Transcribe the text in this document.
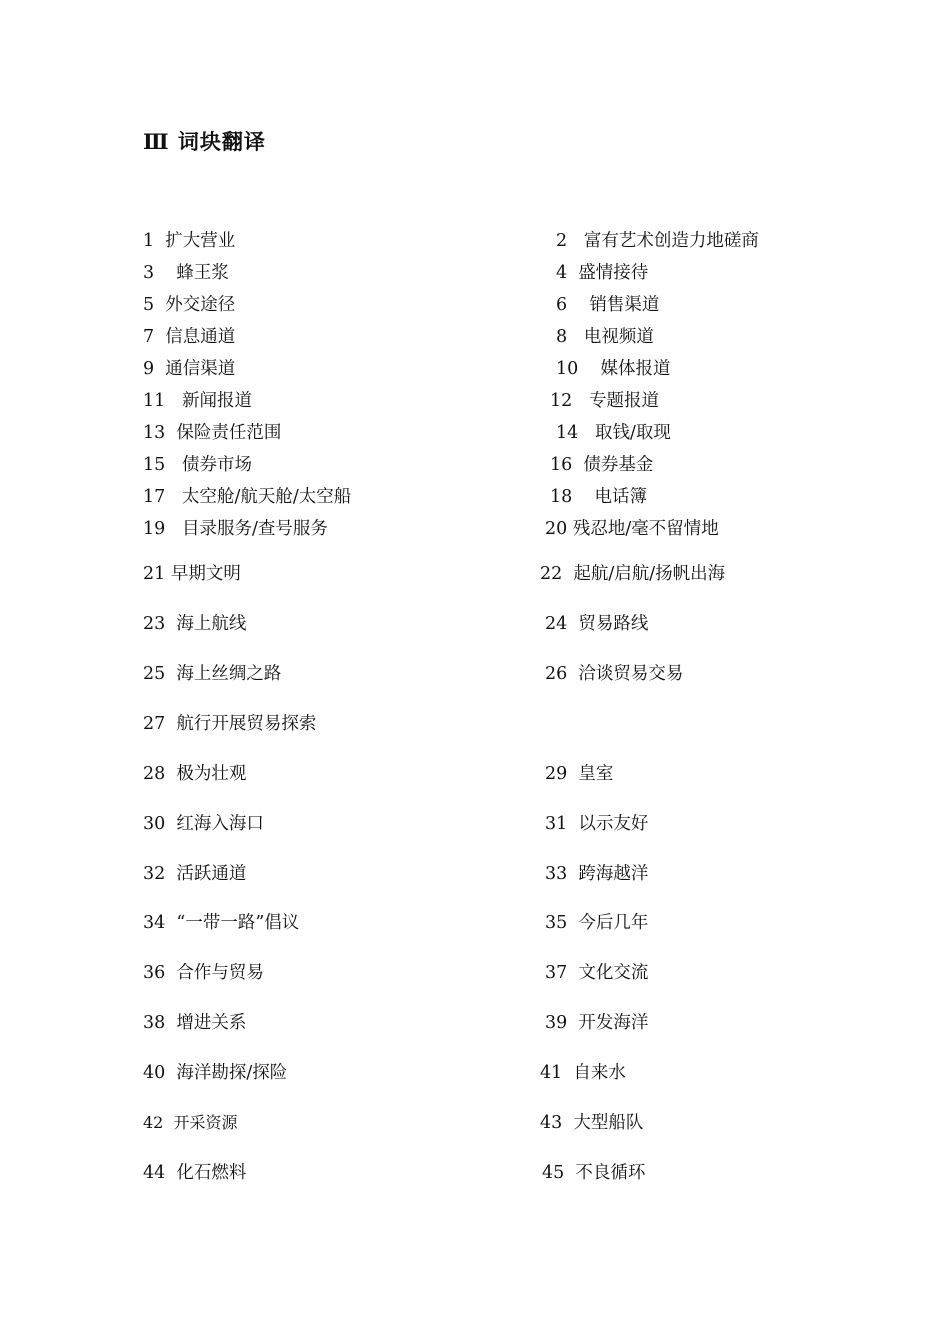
Ⅲ 词块翻译
1  扩大营业	2   富有艺术创造力地磋商
3    蜂王浆	4  盛情接待
5  外交途径	6    销售渠道
7  信息通道	8   电视频道
9  通信渠道	10    媒体报道
11   新闻报道	12   专题报道
13  保险责任范围	14   取钱/取现
15   债券市场	16  债券基金
17   太空舱/航天舱/太空船	18    电话簿
19   目录服务/查号服务	20 残忍地/毫不留情地
21 早期文明	22  起航/启航/扬帆出海
23  海上航线	24  贸易路线
25  海上丝绸之路	26  洽谈贸易交易
27  航行开展贸易探索
28  极为壮观	29  皇室
30  红海入海口	31  以示友好
32  活跃通道	33  跨海越洋
34  “一带一路”倡议	35  今后几年
36  合作与贸易	37  文化交流
38  增进关系	39  开发海洋
40  海洋勘探/探险	41  自来水
42  开采资源	43  大型船队
44  化石燃料	45  不良循环
